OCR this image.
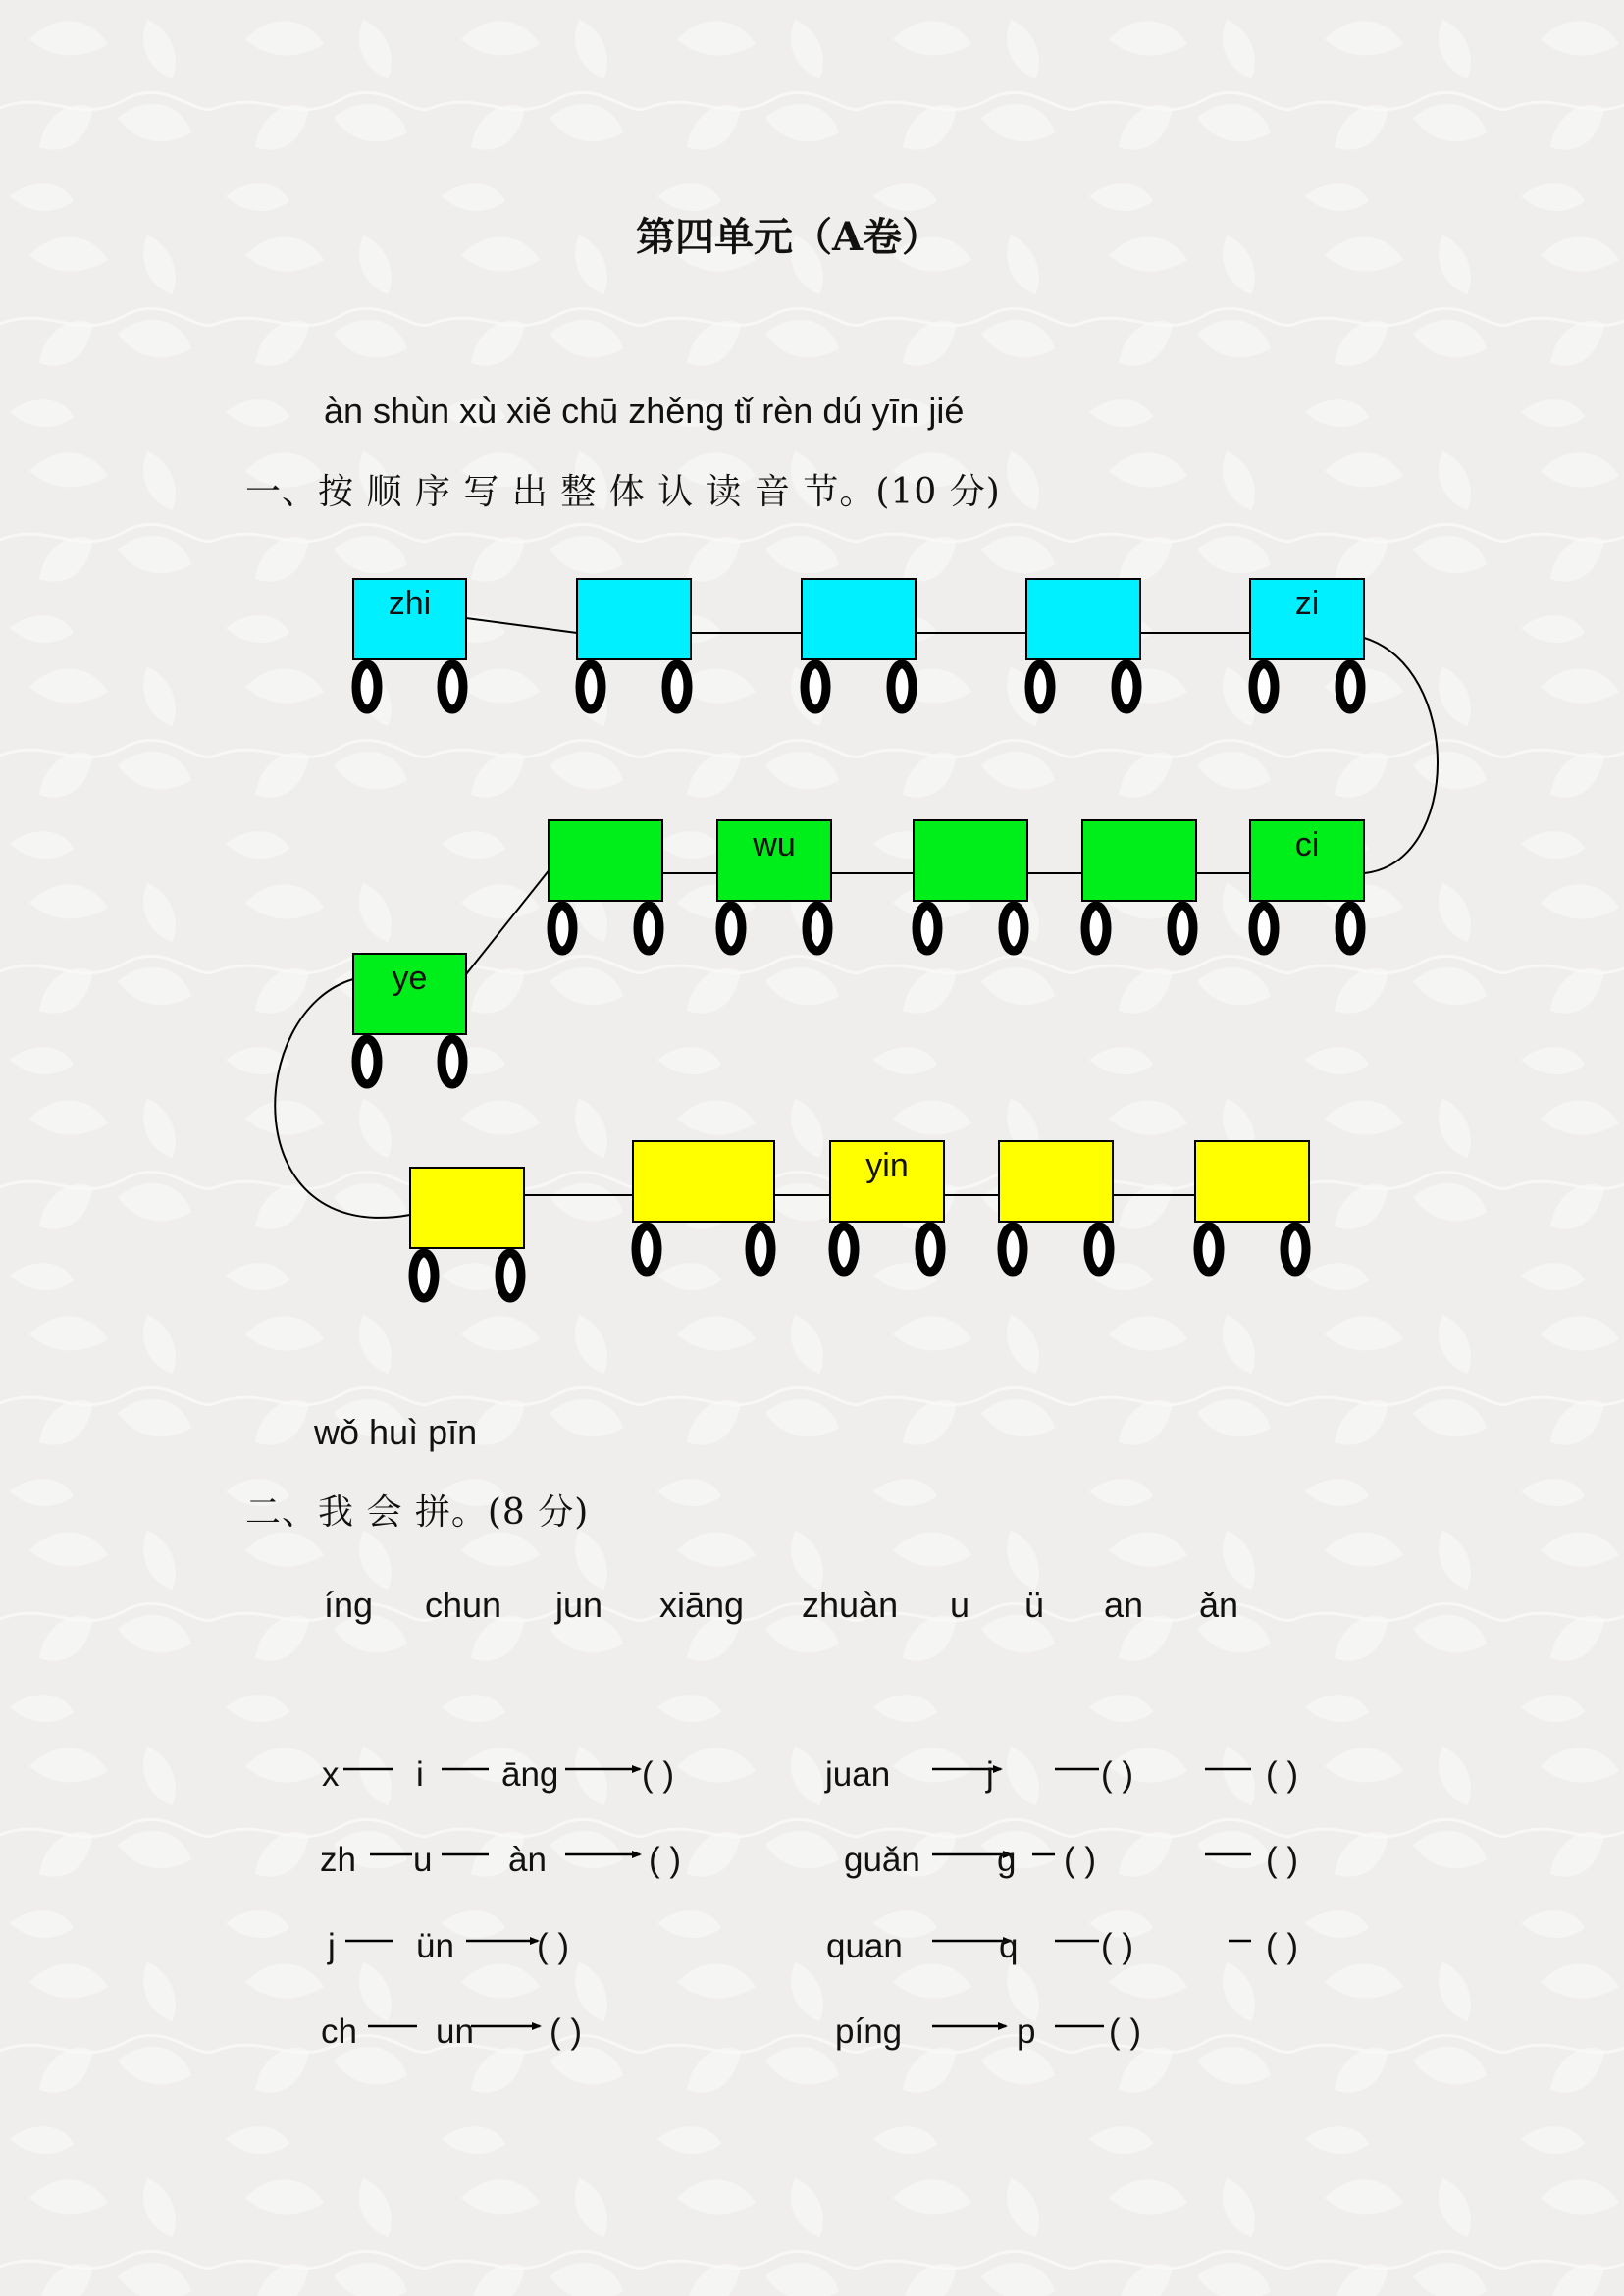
第四单元（A卷）
àn shùn xù xiě chū zhěng tǐ rèn dú yīn jié
一、按 顺 序 写 出 整 体 认 读 音 节。(10 分)
zhi	zi
ci
wu
ye
yin
wǒ huì pīn
二、我 会 拼。(8 分)
íng chun jun xiāng zhuàn u ü an ǎn
x i āng ( )	juan	j	( )	( )
zh u àn	( )	guǎn g ( )	( )
j ün ( )	quan	q ( )	( )
ch un ( )	píng	p ( )
